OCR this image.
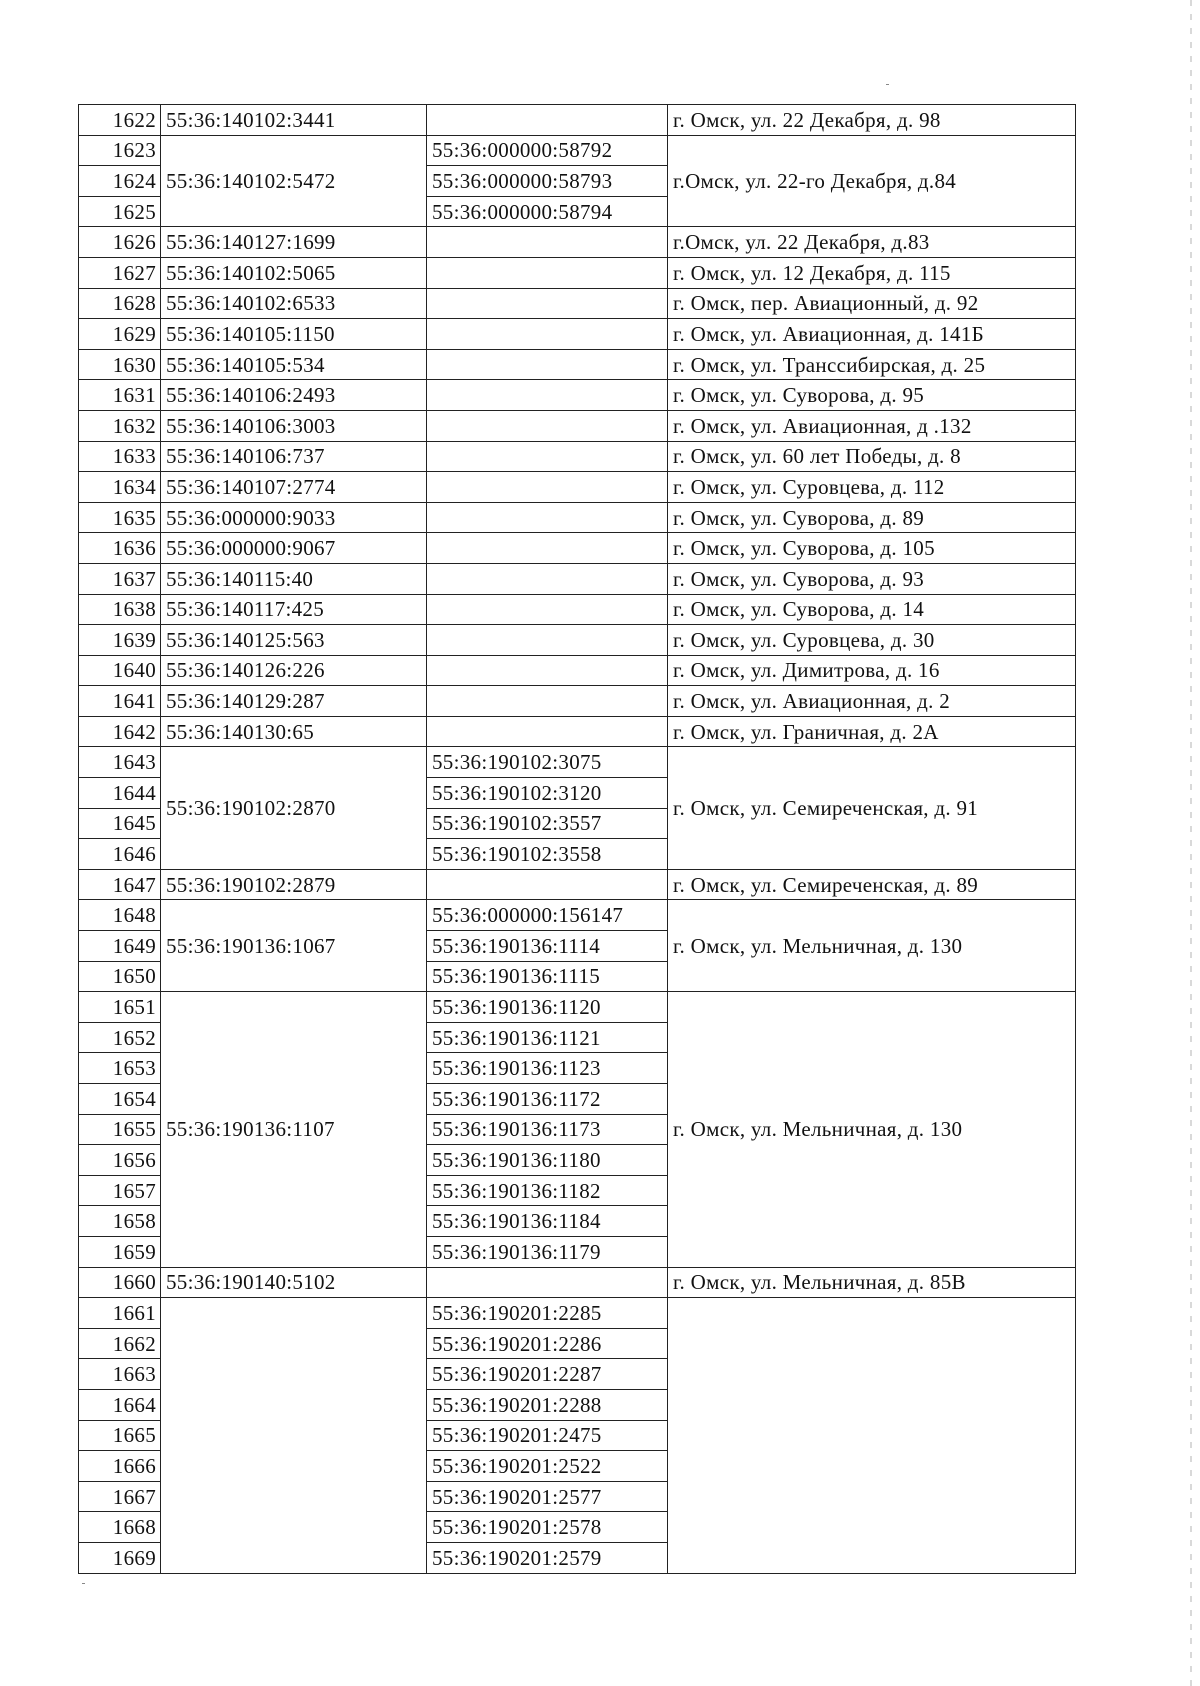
1622	55:36:140102:3441		г. Омск, ул. 22 Декабря, д. 98
1623	55:36:140102:5472	55:36:000000:58792	г.Омск, ул. 22-го Декабря, д.84
1624		55:36:000000:58793	
1625		55:36:000000:58794	
1626	55:36:140127:1699		г.Омск, ул. 22 Декабря, д.83
1627	55:36:140102:5065		г. Омск, ул. 12 Декабря, д. 115
1628	55:36:140102:6533		г. Омск, пер. Авиационный, д. 92
1629	55:36:140105:1150		г. Омск, ул. Авиационная, д. 141Б
1630	55:36:140105:534		г. Омск, ул. Транссибирская, д. 25
1631	55:36:140106:2493		г. Омск, ул. Суворова, д. 95
1632	55:36:140106:3003		г. Омск, ул. Авиационная, д .132
1633	55:36:140106:737		г. Омск, ул. 60 лет Победы, д. 8
1634	55:36:140107:2774		г. Омск, ул. Суровцева, д. 112
1635	55:36:000000:9033		г. Омск, ул. Суворова, д. 89
1636	55:36:000000:9067		г. Омск, ул. Суворова, д. 105
1637	55:36:140115:40		г. Омск, ул. Суворова, д. 93
1638	55:36:140117:425		г. Омск, ул. Суворова, д. 14
1639	55:36:140125:563		г. Омск, ул. Суровцева, д. 30
1640	55:36:140126:226		г. Омск, ул. Димитрова, д. 16
1641	55:36:140129:287		г. Омск, ул. Авиационная, д. 2
1642	55:36:140130:65		г. Омск, ул. Граничная, д. 2А
1643	55:36:190102:2870	55:36:190102:3075	г. Омск, ул. Семиреченская, д. 91
1644		55:36:190102:3120	
1645		55:36:190102:3557	
1646		55:36:190102:3558	
1647	55:36:190102:2879		г. Омск, ул. Семиреченская, д. 89
1648	55:36:190136:1067	55:36:000000:156147	г. Омск, ул. Мельничная, д. 130
1649		55:36:190136:1114	
1650		55:36:190136:1115	
1651	55:36:190136:1107	55:36:190136:1120	г. Омск, ул. Мельничная, д. 130
1652		55:36:190136:1121	
1653		55:36:190136:1123	
1654		55:36:190136:1172	
1655		55:36:190136:1173	
1656		55:36:190136:1180	
1657		55:36:190136:1182	
1658		55:36:190136:1184	
1659		55:36:190136:1179	
1660	55:36:190140:5102		г. Омск, ул. Мельничная, д. 85В
1661		55:36:190201:2285	
1662		55:36:190201:2286	
1663		55:36:190201:2287	
1664		55:36:190201:2288	
1665		55:36:190201:2475	
1666		55:36:190201:2522	
1667		55:36:190201:2577	
1668		55:36:190201:2578	
1669		55:36:190201:2579	
